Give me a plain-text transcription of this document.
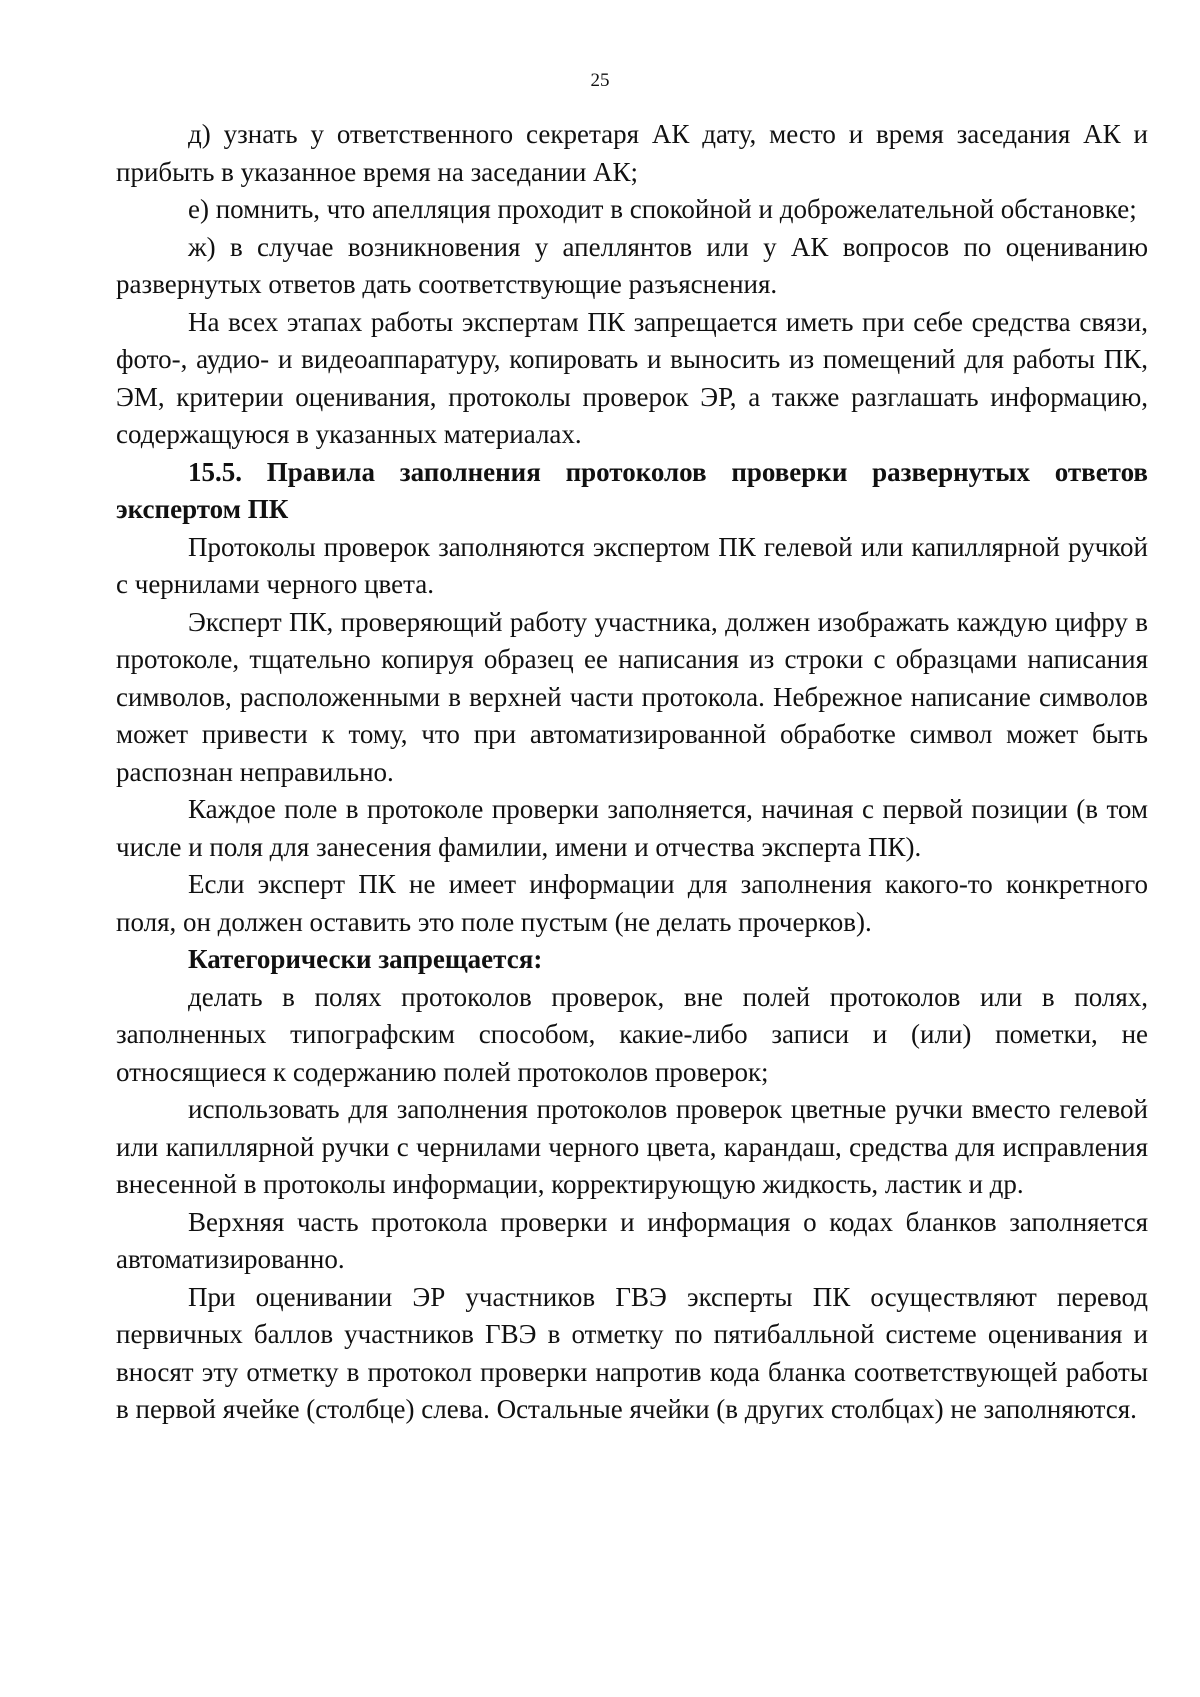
25

д) узнать у ответственного секретаря АК дату, место и время заседания АК и прибыть в указанное время на заседании АК;

е) помнить, что апелляция проходит в спокойной и доброжелательной обстановке;

ж) в случае возникновения у апеллянтов или у АК вопросов по оцениванию развернутых ответов дать соответствующие разъяснения.

На всех этапах работы экспертам ПК запрещается иметь при себе средства связи, фото-, аудио- и видеоаппаратуру, копировать и выносить из помещений для работы ПК, ЭМ, критерии оценивания, протоколы проверок ЭР, а также разглашать информацию, содержащуюся в указанных материалах.

15.5. Правила заполнения протоколов проверки развернутых ответов экспертом ПК

Протоколы проверок заполняются экспертом ПК гелевой или капиллярной ручкой с чернилами черного цвета.

Эксперт ПК, проверяющий работу участника, должен изображать каждую цифру в протоколе, тщательно копируя образец ее написания из строки с образцами написания символов, расположенными в верхней части протокола. Небрежное написание символов может привести к тому, что при автоматизированной обработке символ может быть распознан неправильно.

Каждое поле в протоколе проверки заполняется, начиная с первой позиции (в том числе и поля для занесения фамилии, имени и отчества эксперта ПК).

Если эксперт ПК не имеет информации для заполнения какого-то конкретного поля, он должен оставить это поле пустым (не делать прочерков).

Категорически запрещается:

делать в полях протоколов проверок, вне полей протоколов или в полях, заполненных типографским способом, какие-либо записи и (или) пометки, не относящиеся к содержанию полей протоколов проверок;

использовать для заполнения протоколов проверок цветные ручки вместо гелевой или капиллярной ручки с чернилами черного цвета, карандаш, средства для исправления внесенной в протоколы информации, корректирующую жидкость, ластик и др.

Верхняя часть протокола проверки и информация о кодах бланков заполняется автоматизированно.

При оценивании ЭР участников ГВЭ эксперты ПК осуществляют перевод первичных баллов участников ГВЭ в отметку по пятибалльной системе оценивания и вносят эту отметку в протокол проверки напротив кода бланка соответствующей работы в первой ячейке (столбце) слева. Остальные ячейки (в других столбцах) не заполняются.
